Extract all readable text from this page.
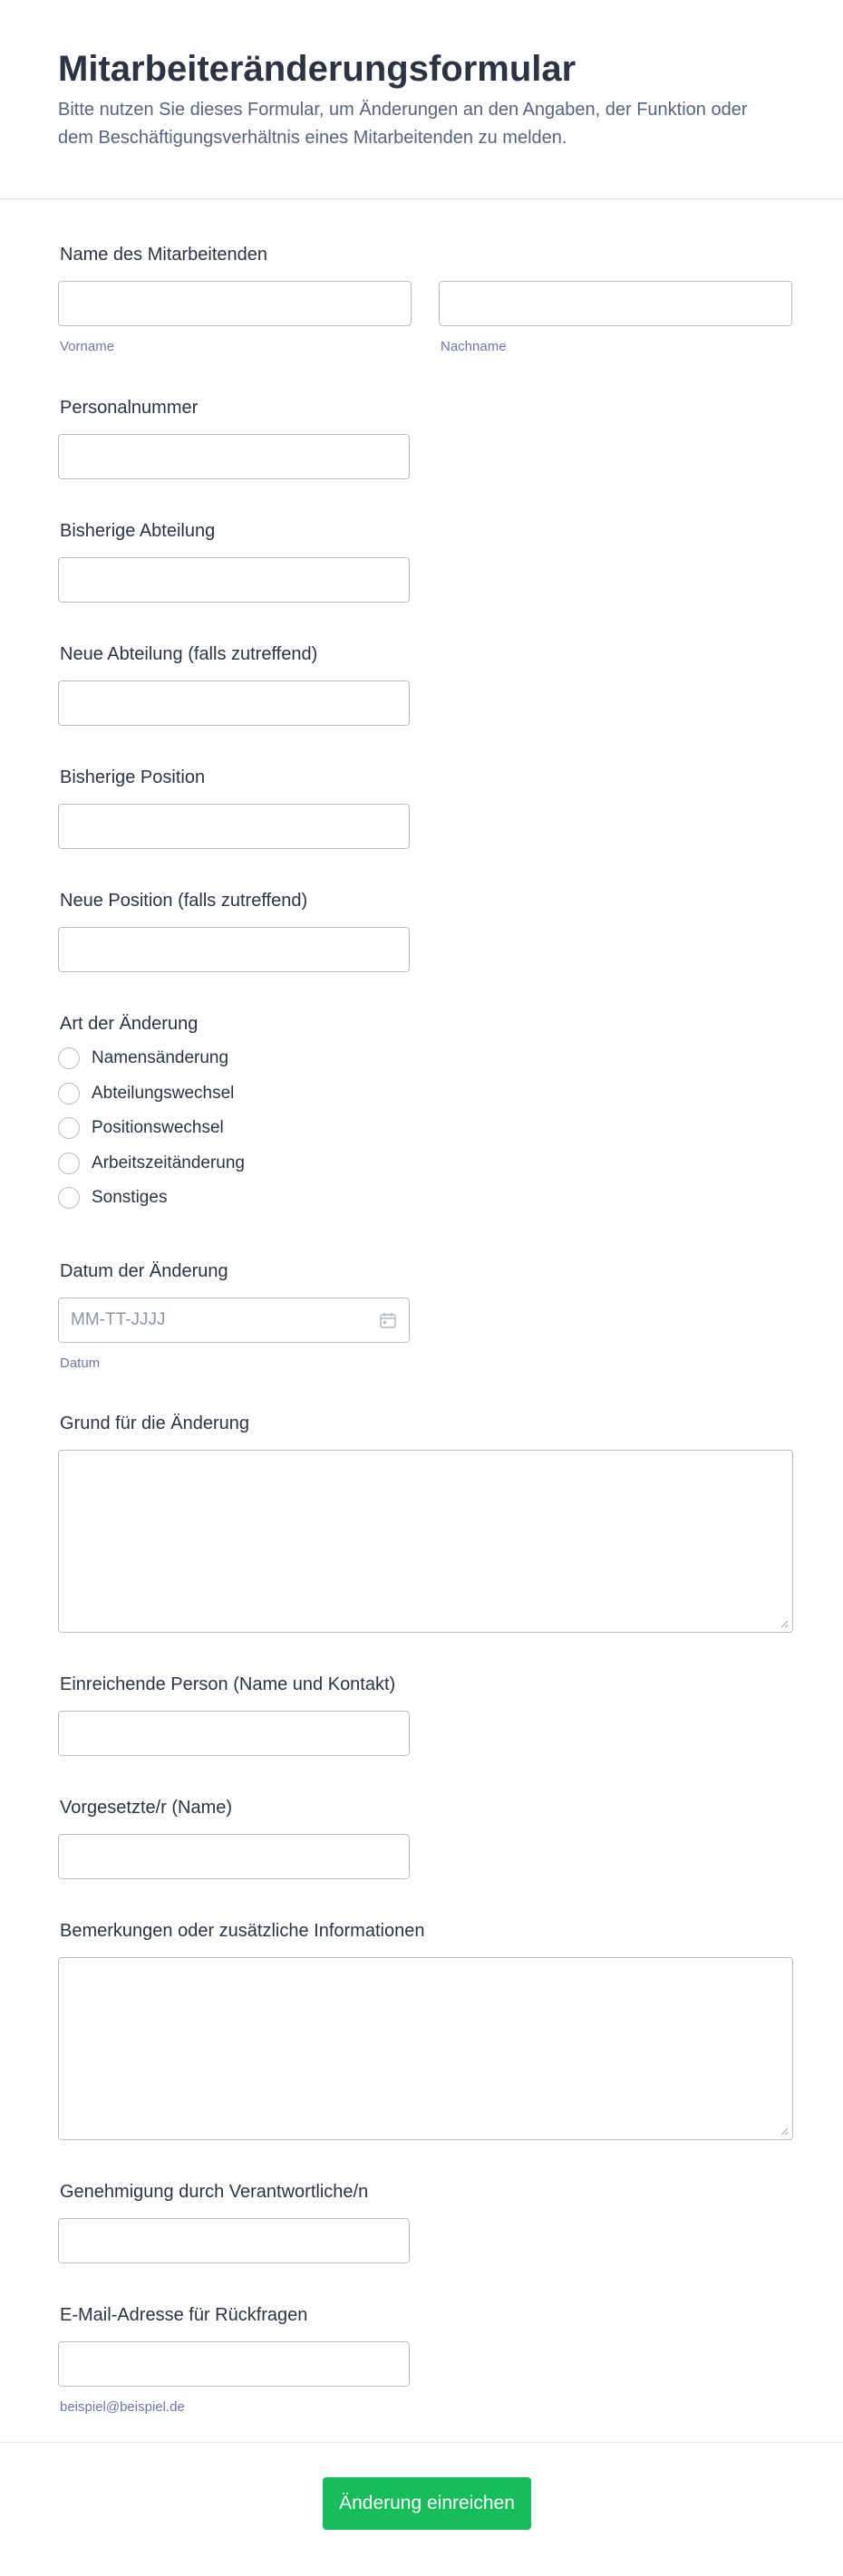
Mitarbeiteränderungsformular

Bitte nutzen Sie dieses Formular, um Änderungen an den Angaben, der Funktion oder dem Beschäftigungsverhältnis eines Mitarbeitenden zu melden.

Name des Mitarbeitenden
Vorname	Nachname
Personalnummer
Bisherige Abteilung
Neue Abteilung (falls zutreffend)
Bisherige Position
Neue Position (falls zutreffend)
Art der Änderung
Namensänderung
Abteilungswechsel
Positionswechsel
Arbeitszeitänderung
Sonstiges
Datum der Änderung
MM-TT-JJJJ
Datum
Grund für die Änderung
Einreichende Person (Name und Kontakt)
Vorgesetzte/r (Name)
Bemerkungen oder zusätzliche Informationen
Genehmigung durch Verantwortliche/n
E-Mail-Adresse für Rückfragen
beispiel@beispiel.de
Änderung einreichen
